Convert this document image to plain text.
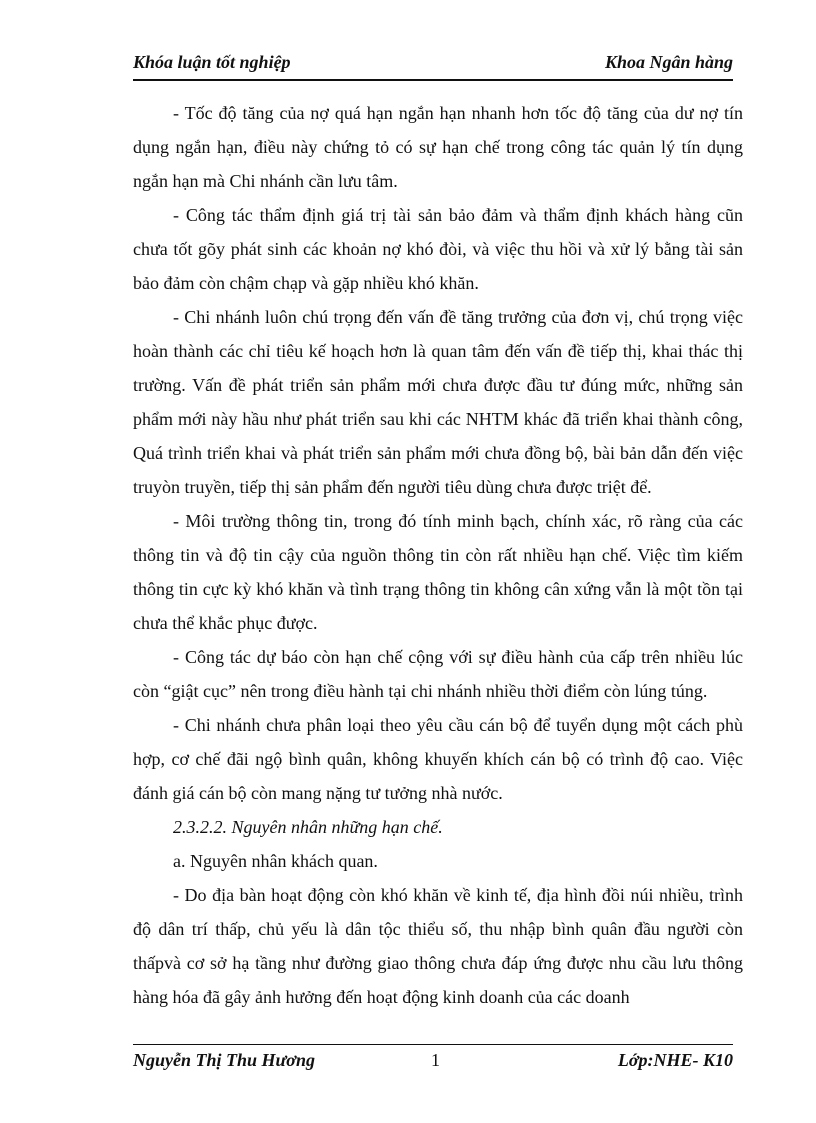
Khóa luận tốt nghiệp	Khoa Ngân hàng

- Tốc độ tăng của nợ quá hạn ngắn hạn nhanh hơn tốc độ tăng của dư nợ tín dụng ngắn hạn, điều này chứng tỏ có sự hạn chế trong công tác quản lý tín dụng ngắn hạn mà Chi nhánh cần lưu tâm.

- Công tác thẩm định giá trị tài sản bảo đảm và thẩm định khách hàng cũn chưa tốt gõy phát sinh các khoản nợ khó đòi, và việc thu hồi và xử lý bằng tài sản bảo đảm còn chậm chạp và gặp nhiều khó khăn.

- Chi nhánh luôn chú trọng đến vấn đề tăng trưởng của đơn vị, chú trọng việc hoàn thành các chỉ tiêu kế hoạch hơn là quan tâm đến vấn đề tiếp thị, khai thác thị trường. Vấn đề phát triển sản phẩm mới chưa được đầu tư đúng mức, những sản phẩm mới này hầu như phát triển sau khi các NHTM khác đã triển khai thành công, Quá trình triển khai và phát triển sản phẩm mới chưa đồng bộ, bài bản dẫn đến việc truyòn truyền, tiếp thị sản phẩm đến người tiêu dùng chưa được triệt để.

- Môi trường thông tin, trong đó tính minh bạch, chính xác, rõ ràng của các thông tin và độ tin cậy của nguồn thông tin còn rất nhiều hạn chế. Việc tìm kiếm thông tin cực kỳ khó khăn và tình trạng thông tin không cân xứng vẫn là một tồn tại chưa thể khắc phục được.

- Công tác dự báo còn hạn chế cộng với sự điều hành của cấp trên nhiều lúc còn “giật cục” nên trong điều hành tại chi nhánh nhiều thời điểm còn lúng túng.

- Chi nhánh chưa phân loại theo yêu cầu cán bộ để tuyển dụng một cách phù hợp, cơ chế đãi ngộ bình quân, không khuyến khích cán bộ có trình độ cao. Việc đánh giá cán bộ còn mang nặng tư tưởng nhà nước.

2.3.2.2. Nguyên nhân những hạn chế.

a. Nguyên nhân khách quan.

- Do địa bàn hoạt động còn khó khăn về kinh tế, địa hình đồi núi nhiều, trình độ dân trí thấp, chủ yếu là dân tộc thiểu số, thu nhập bình quân đầu người còn thấpvà cơ sở hạ tầng như đường giao thông chưa đáp ứng được nhu cầu lưu thông hàng hóa đã gây ảnh hưởng đến hoạt động kinh doanh của các doanh

Nguyễn Thị Thu Hương	1	Lớp:NHE- K10
